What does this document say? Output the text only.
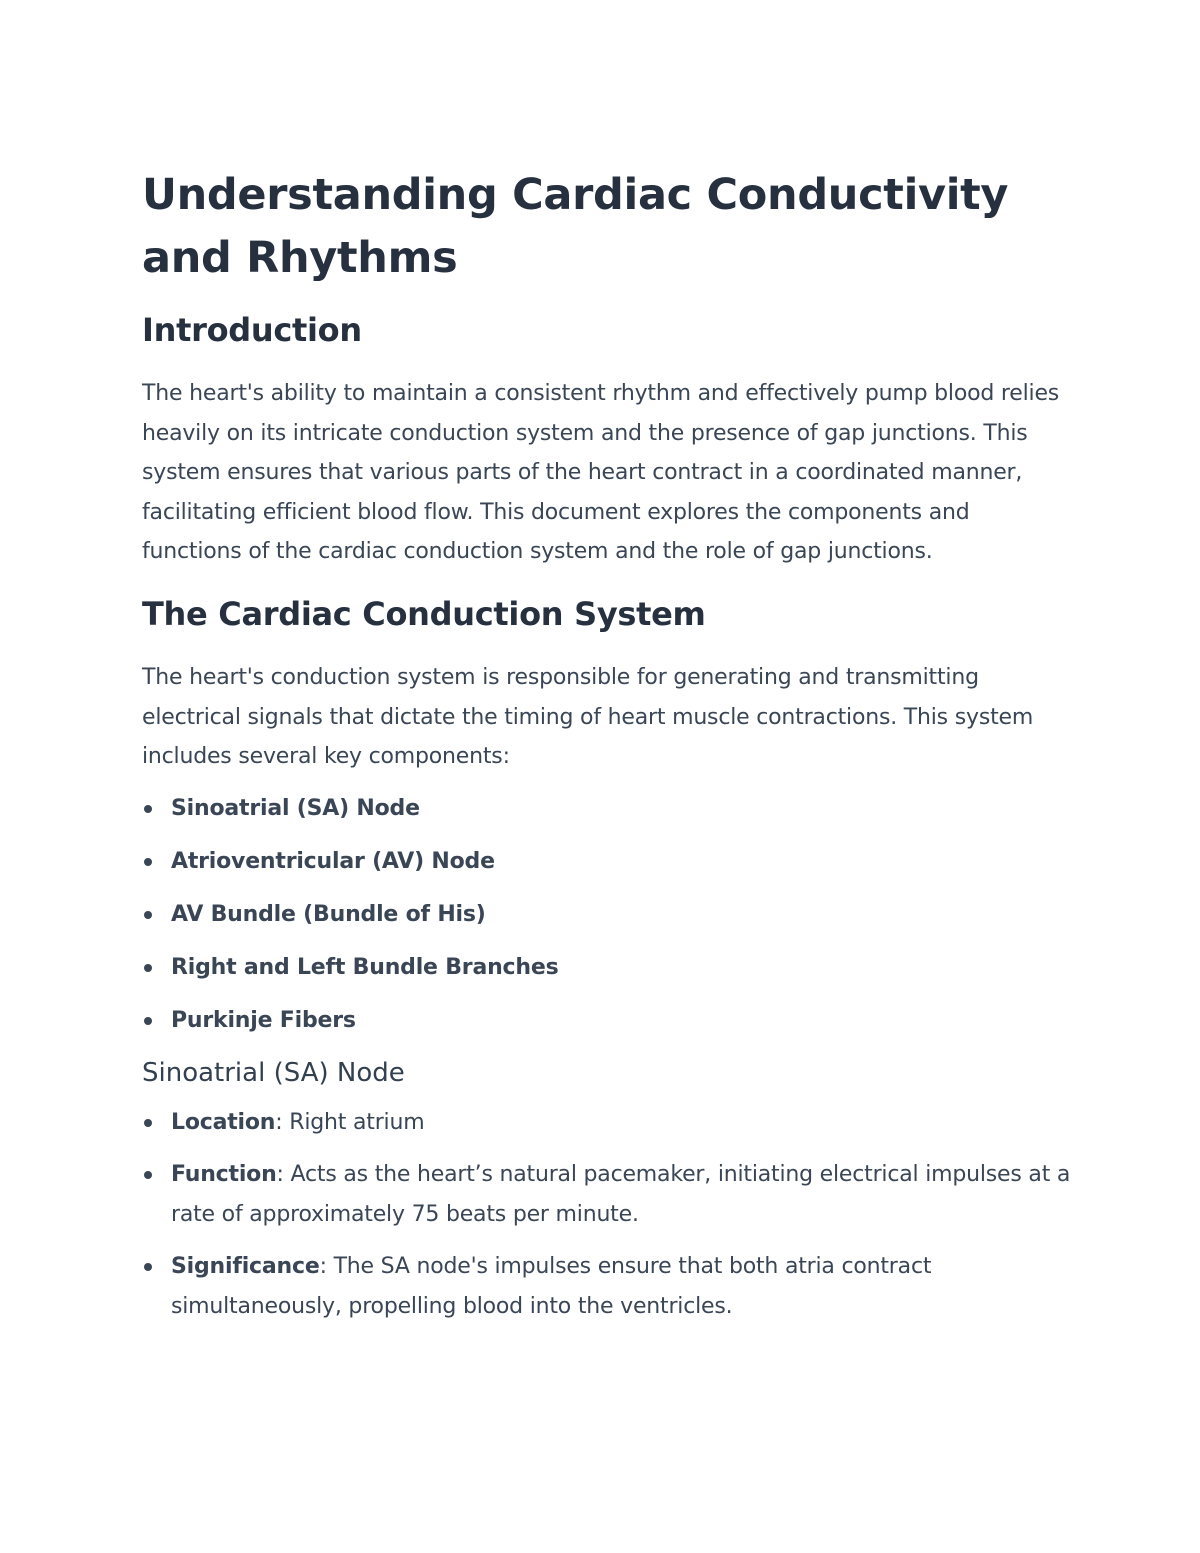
Understanding Cardiac Conductivity
and Rhythms
Introduction

The heart's ability to maintain a consistent rhythm and effectively pump blood relies heavily on its intricate conduction system and the presence of gap junctions. This system ensures that various parts of the heart contract in a coordinated manner, facilitating efficient blood flow. This document explores the components and functions of the cardiac conduction system and the role of gap junctions.

The Cardiac Conduction System

The heart's conduction system is responsible for generating and transmitting electrical signals that dictate the timing of heart muscle contractions. This system includes several key components:

Sinoatrial (SA) Node
Atrioventricular (AV) Node
AV Bundle (Bundle of His)
Right and Left Bundle Branches
Purkinje Fibers
Sinoatrial (SA) Node
Location: Right atrium
Function: Acts as the heart’s natural pacemaker, initiating electrical impulses at a rate of approximately 75 beats per minute.
Significance: The SA node's impulses ensure that both atria contract simultaneously, propelling blood into the ventricles.
